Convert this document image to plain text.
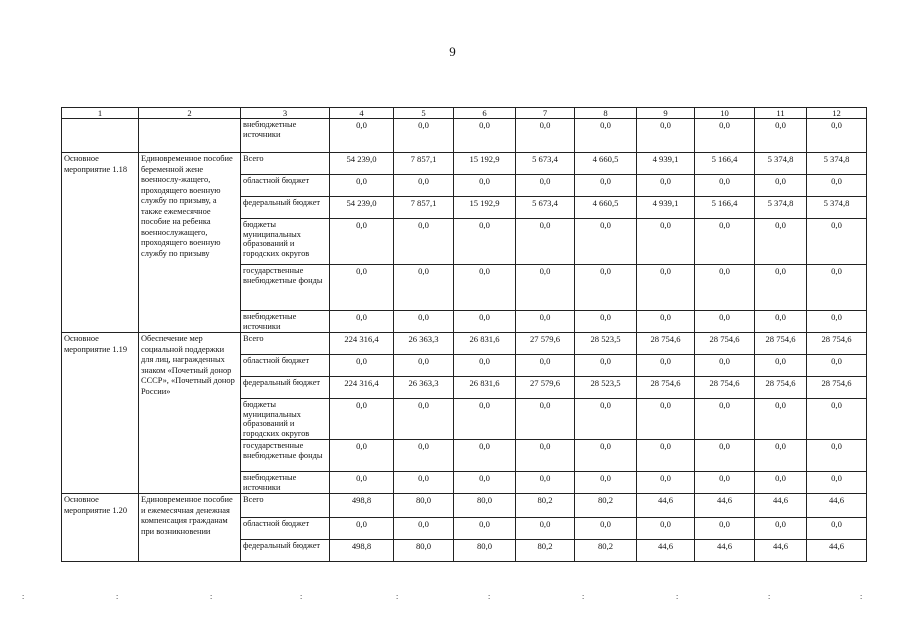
9
1	2	3	4	5	6	7	8	9	10	11	12
		внебюджетные источники	0,0	0,0	0,0	0,0	0,0	0,0	0,0	0,0	0,0
Основное мероприятие 1.18	Единовременное пособие беременной жене военнослу-жащего, проходящего военную службу по призыву, а также ежемесячное пособие на ребенка военнослужащего, проходящего военную службу по призыву	Всего	54 239,0	7 857,1	15 192,9	5 673,4	4 660,5	4 939,1	5 166,4	5 374,8	5 374,8
		областной бюджет	0,0	0,0	0,0	0,0	0,0	0,0	0,0	0,0	0,0
		федеральный бюджет	54 239,0	7 857,1	15 192,9	5 673,4	4 660,5	4 939,1	5 166,4	5 374,8	5 374,8
		бюджеты муниципальных образований и городских округов	0,0	0,0	0,0	0,0	0,0	0,0	0,0	0,0	0,0
		государственные внебюджетные фонды	0,0	0,0	0,0	0,0	0,0	0,0	0,0	0,0	0,0
		внебюджетные источники	0,0	0,0	0,0	0,0	0,0	0,0	0,0	0,0	0,0
Основное мероприятие 1.19	Обеспечение мер социальной поддержки для лиц, награжденных знаком «Почетный донор СССР», «Почетный донор России»	Всего	224 316,4	26 363,3	26 831,6	27 579,6	28 523,5	28 754,6	28 754,6	28 754,6	28 754,6
		областной бюджет	0,0	0,0	0,0	0,0	0,0	0,0	0,0	0,0	0,0
		федеральный бюджет	224 316,4	26 363,3	26 831,6	27 579,6	28 523,5	28 754,6	28 754,6	28 754,6	28 754,6
		бюджеты муниципальных образований и городских округов	0,0	0,0	0,0	0,0	0,0	0,0	0,0	0,0	0,0
		государственные внебюджетные фонды	0,0	0,0	0,0	0,0	0,0	0,0	0,0	0,0	0,0
		внебюджетные источники	0,0	0,0	0,0	0,0	0,0	0,0	0,0	0,0	0,0
Основное мероприятие 1.20	Единовременное пособие и ежемесячная денежная компенсация гражданам при возникновении	Всего	498,8	80,0	80,0	80,2	80,2	44,6	44,6	44,6	44,6
		областной бюджет	0,0	0,0	0,0	0,0	0,0	0,0	0,0	0,0	0,0
		федеральный бюджет	498,8	80,0	80,0	80,2	80,2	44,6	44,6	44,6	44,6
:	:	:	:	:	:	:	:	:	:
